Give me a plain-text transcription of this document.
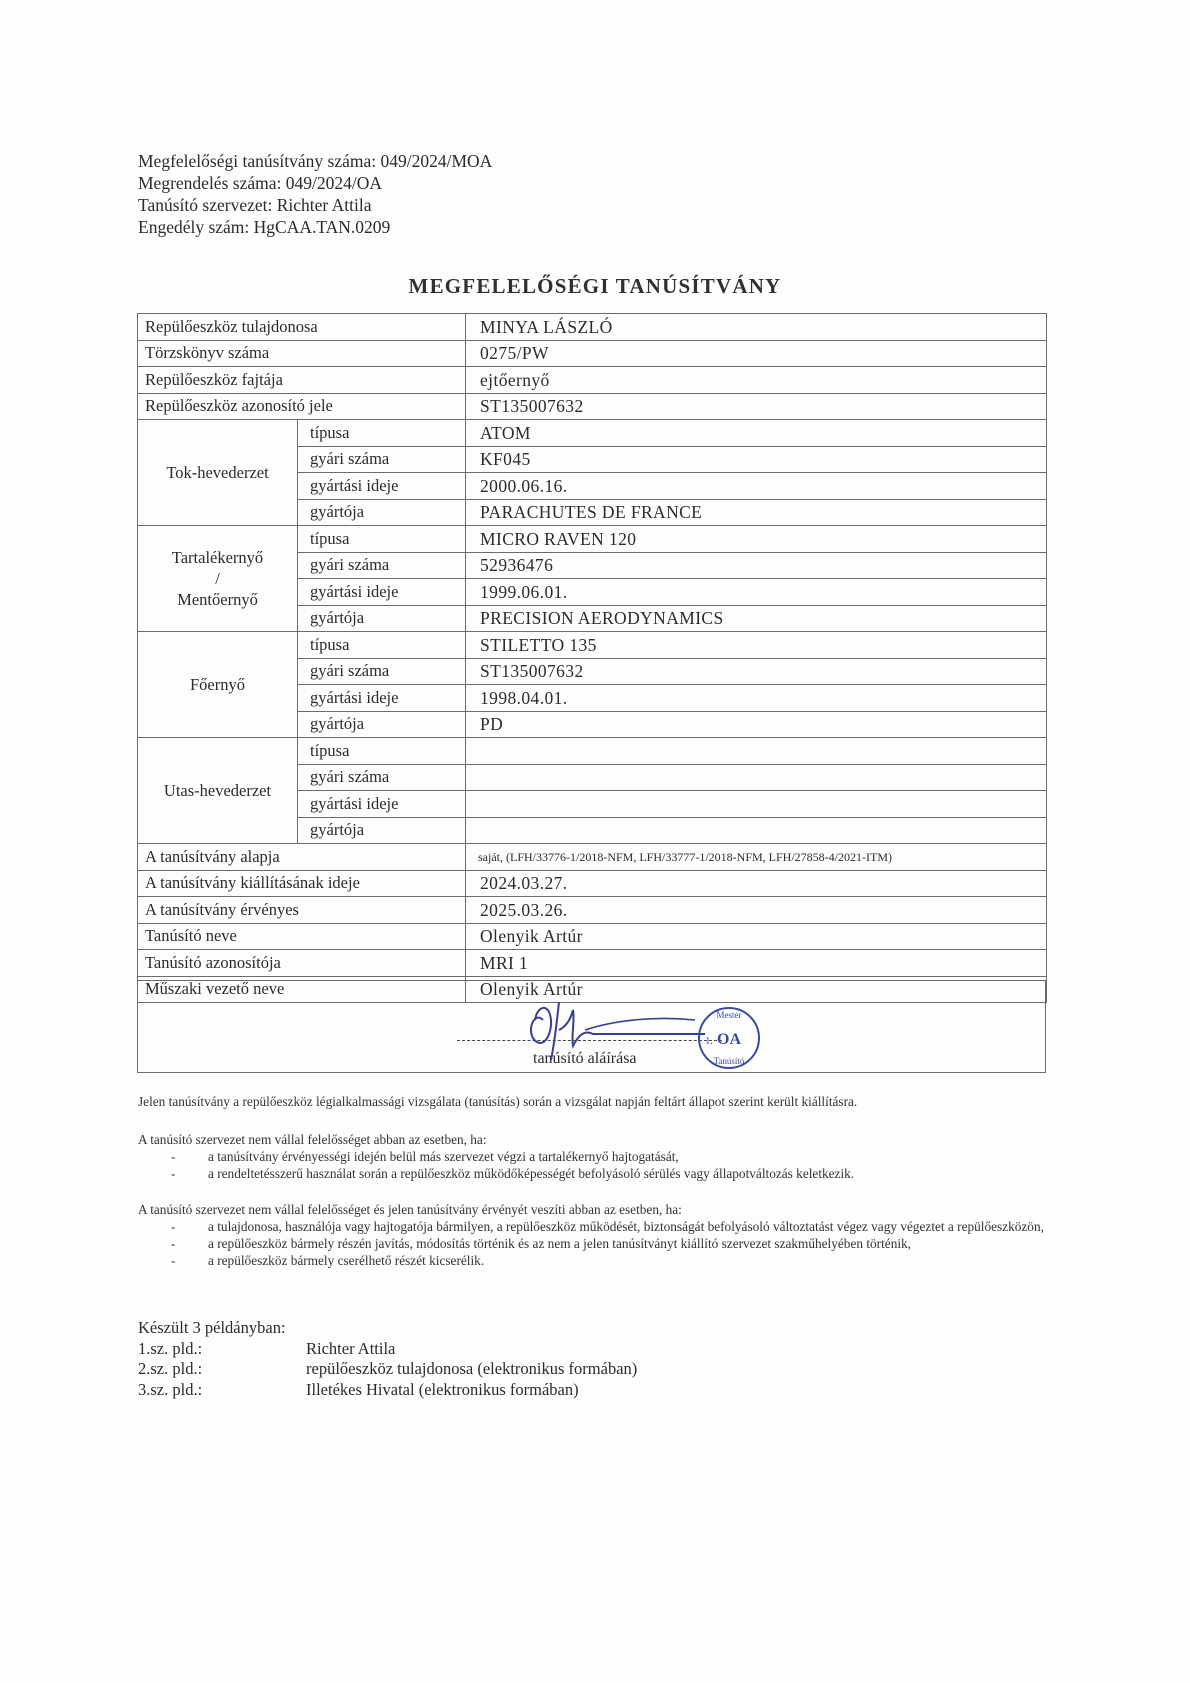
Megfelelőségi tanúsítvány száma: 049/2024/MOA
Megrendelés száma: 049/2024/OA
Tanúsító szervezet: Richter Attila
Engedély szám: HgCAA.TAN.0209
MEGFELELŐSÉGI TANÚSÍTVÁNY
Repülőeszköz tulajdonosa		MINYA LÁSZLÓ
Törzskönyv száma		0275/PW
Repülőeszköz fajtája		ejtőernyő
Repülőeszköz azonosító jele		ST135007632
Tok-hevederzet	típusa	ATOM
	gyári száma	KF045
	gyártási ideje	2000.06.16.
	gyártója	PARACHUTES DE FRANCE

Tartalékernyő
/
Mentőernyő	típusa	MICRO RAVEN 120
	gyári száma	52936476
	gyártási ideje	1999.06.01.
	gyártója	PRECISION AERODYNAMICS
Főernyő	típusa	STILETTO 135
	gyári száma	ST135007632
	gyártási ideje	1998.04.01.
	gyártója	PD
Utas-hevederzet	típusa	
	gyári száma	
	gyártási ideje	
	gyártója	
A tanúsítvány alapja		saját, (LFH/33776-1/2018-NFM, LFH/33777-1/2018-NFM, LFH/27858-4/2021-ITM)
A tanúsítvány kiállításának ideje		2024.03.27.
A tanúsítvány érvényes		2025.03.26.
Tanúsító neve		Olenyik Artúr
Tanúsító azonosítója		MRI 1
Műszaki vezető neve		Olenyik Artúr
tanúsító aláírása
Mester
OA
1.
Tanúsító
Jelen tanúsítvány a repülőeszköz légialkalmassági vizsgálata (tanúsítás) során a vizsgálat napján feltárt állapot szerint került kiállításra.
A tanúsító szervezet nem vállal felelősséget abban az esetben, ha:
- a tanúsítvány érvényességi idején belül más szervezet végzi a tartalékernyő hajtogatását,
- a rendeltetésszerű használat során a repülőeszköz működőképességét befolyásoló sérülés vagy állapotváltozás keletkezik.
A tanúsító szervezet nem vállal felelősséget és jelen tanúsítvány érvényét veszíti abban az esetben, ha:
- a tulajdonosa, használója vagy hajtogatója bármilyen, a repülőeszköz működését, biztonságát befolyásoló változtatást végez vagy végeztet a repülőeszközön,
- a repülőeszköz bármely részén javítás, módosítás történik és az nem a jelen tanúsítványt kiállító szervezet szakműhelyében történik,
- a repülőeszköz bármely cserélhető részét kicserélik.
Készült 3 példányban:
1.sz. pld.:	Richter Attila
2.sz. pld.:	repülőeszköz tulajdonosa (elektronikus formában)
3.sz. pld.:	Illetékes Hivatal (elektronikus formában)
